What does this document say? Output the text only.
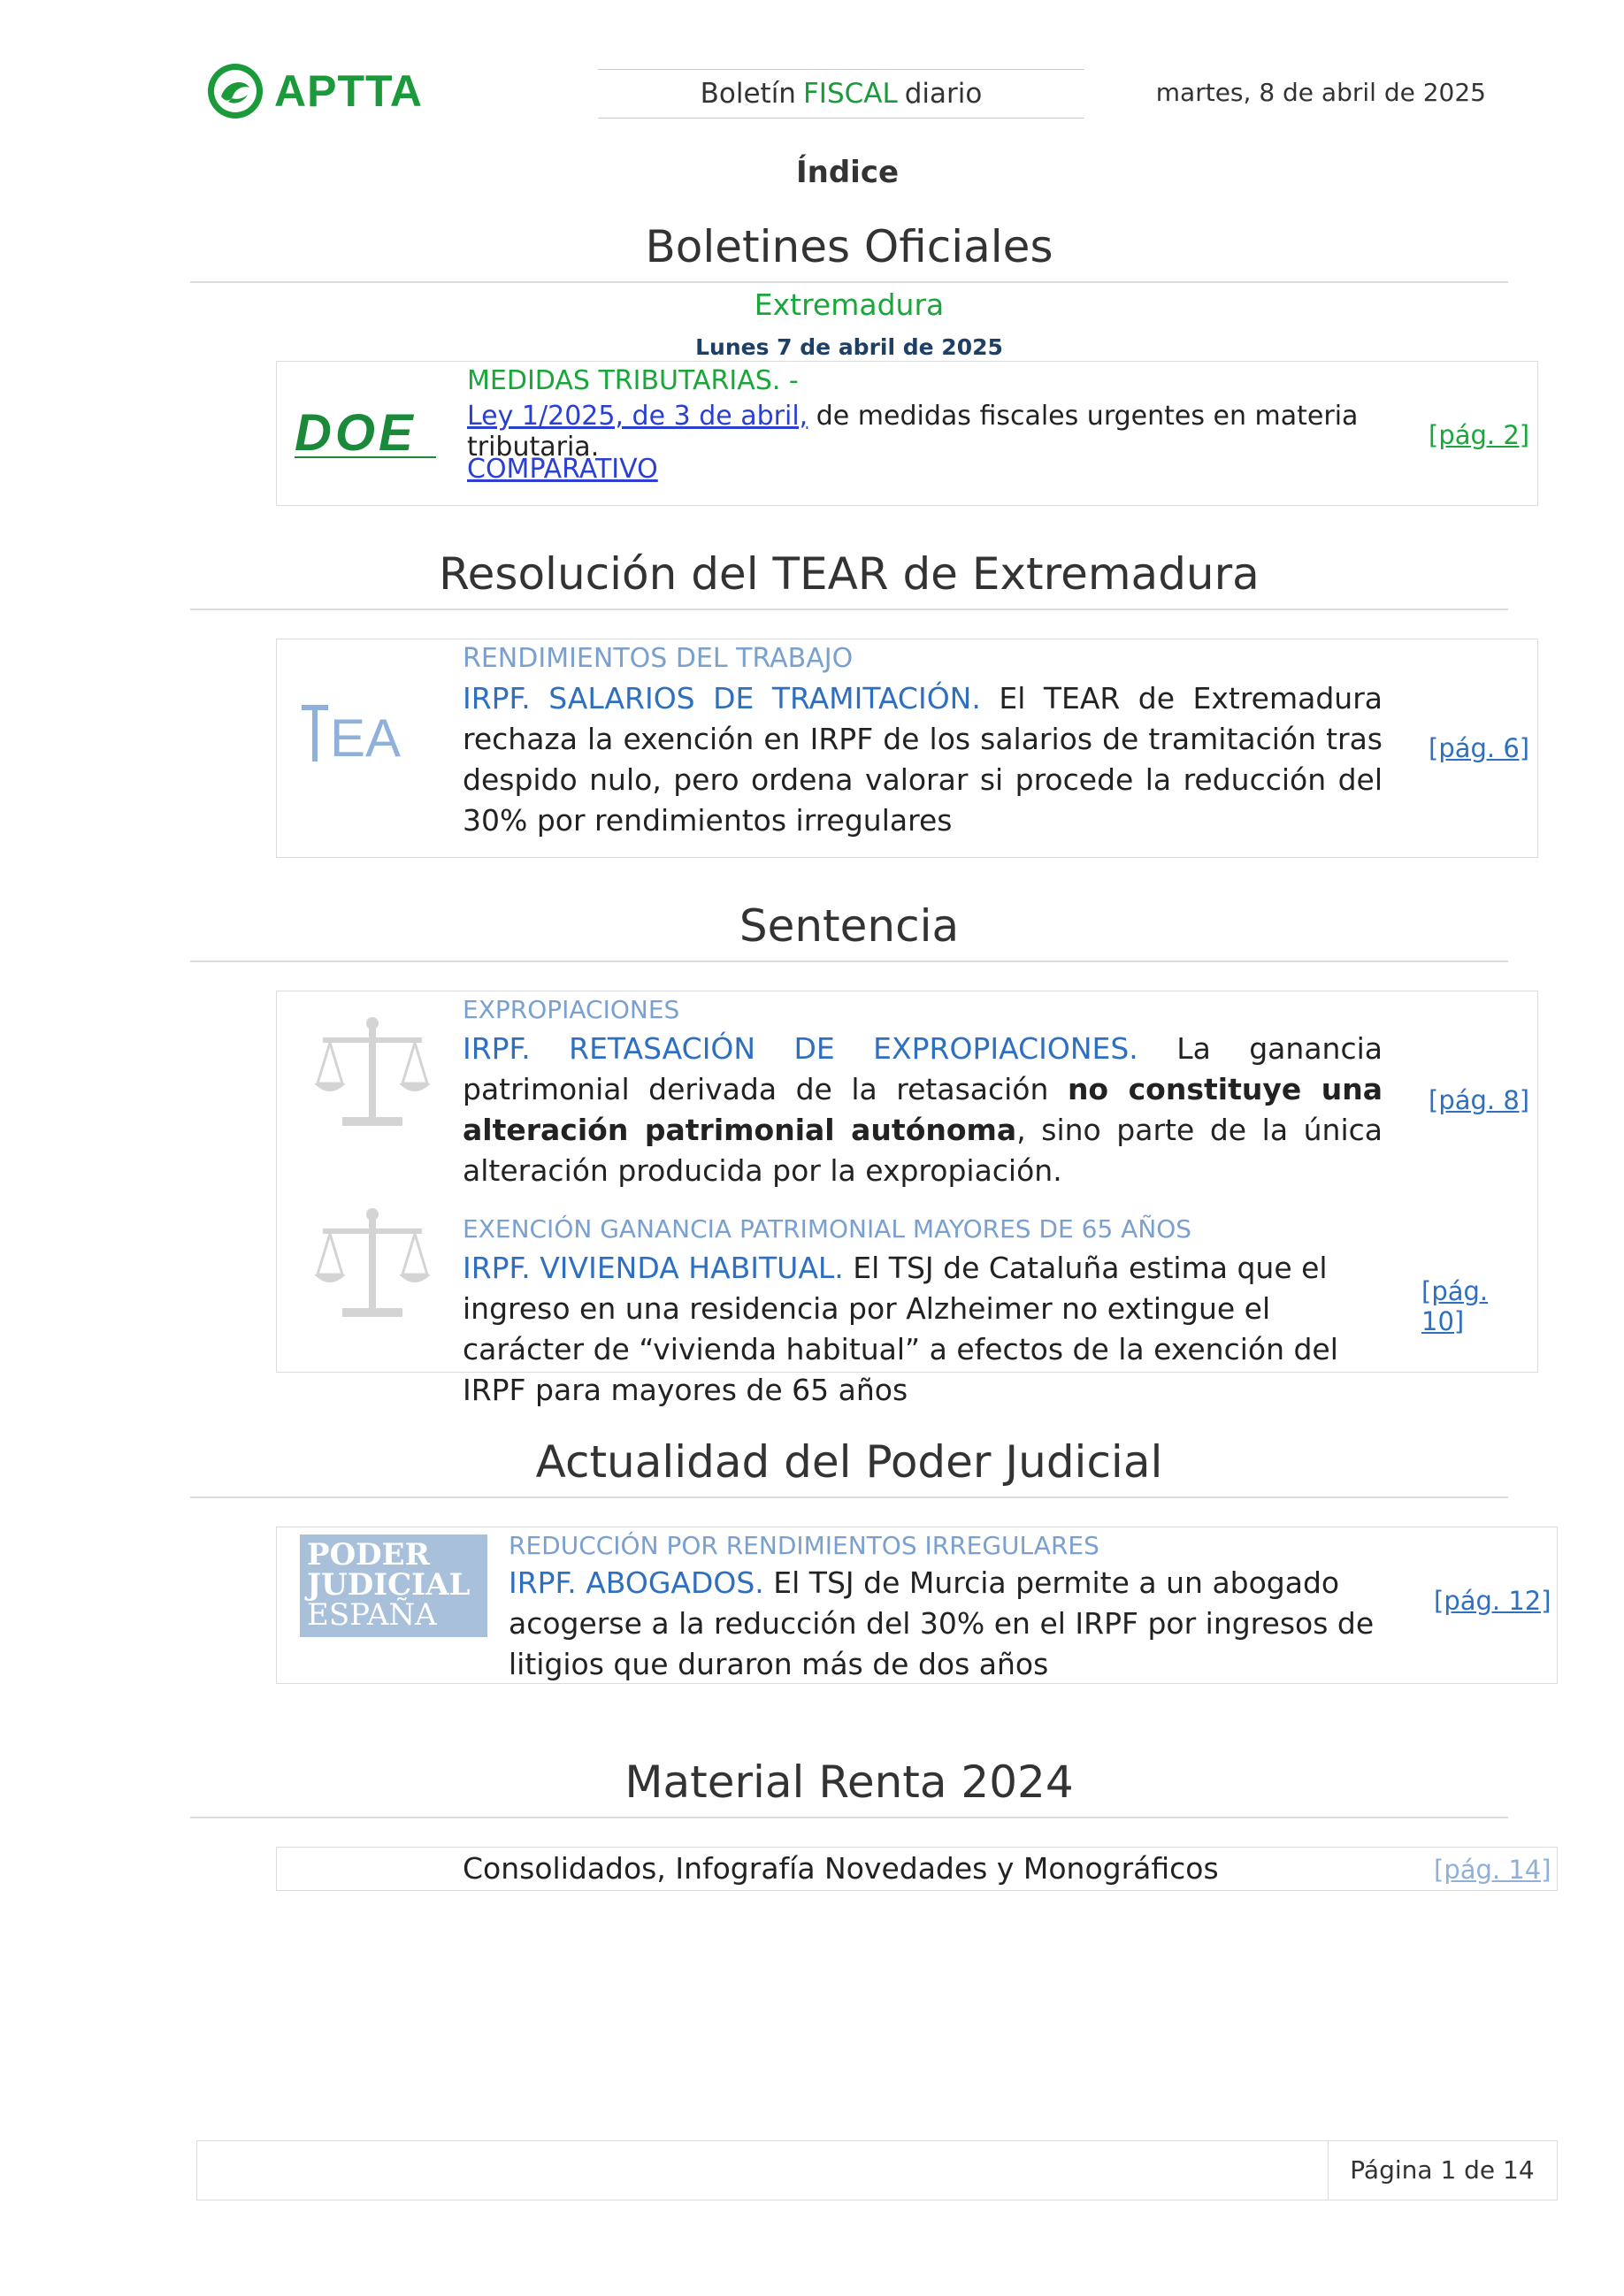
APTTA	Boletín FISCAL diario	martes, 8 de abril de 2025
Índice
Boletines Oficiales
Extremadura
Lunes 7 de abril de 2025
DOE
MEDIDAS TRIBUTARIAS. -
Ley 1/2025, de 3 de abril, de medidas fiscales urgentes en materia tributaria.
COMPARATIVO
[pág. 2]
Resolución del TEAR de Extremadura
EA
RENDIMIENTOS DEL TRABAJO
IRPF. SALARIOS DE TRAMITACIÓN. El TEAR de Extremadura rechaza la exención en IRPF de los salarios de tramitación tras despido nulo, pero ordena valorar si procede la reducción del 30% por rendimientos irregulares
[pág. 6]
Sentencia
EXPROPIACIONES
IRPF. RETASACIÓN DE EXPROPIACIONES. La ganancia patrimonial derivada de la retasación no constituye una alteración patrimonial autónoma, sino parte de la única alteración producida por la expropiación.
[pág. 8]
EXENCIÓN GANANCIA PATRIMONIAL MAYORES DE 65 AÑOS
IRPF. VIVIENDA HABITUAL. El TSJ de Cataluña estima que el ingreso en una residencia por Alzheimer no extingue el carácter de “vivienda habitual” a efectos de la exención del IRPF para mayores de 65 años
[pág. 10]
Actualidad del Poder Judicial
PODER
JUDICIAL
ESPAÑA
REDUCCIÓN POR RENDIMIENTOS IRREGULARES
IRPF. ABOGADOS. El TSJ de Murcia permite a un abogado acogerse a la reducción del 30% en el IRPF por ingresos de litigios que duraron más de dos años
[pág. 12]
Material Renta 2024
Consolidados, Infografía Novedades y Monográficos	[pág. 14]
Página 1 de 14
